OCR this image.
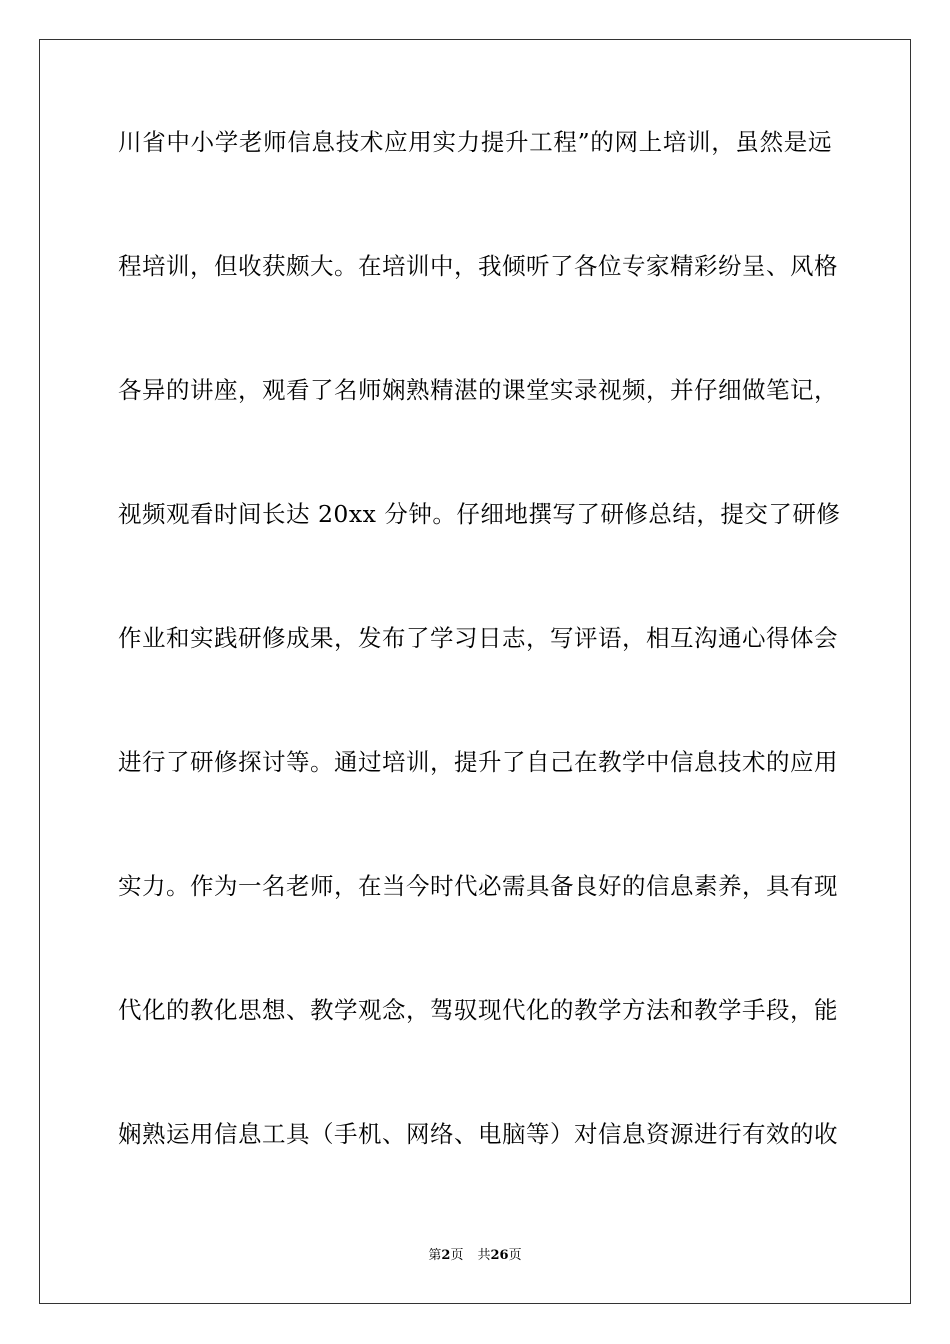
川省中小学老师信息技术应用实力提升工程”的网上培训，虽然是远
程培训，但收获颇大。在培训中，我倾听了各位专家精彩纷呈、风格
各异的讲座，观看了名师娴熟精湛的课堂实录视频，并仔细做笔记，
视频观看时间长达 20xx 分钟。仔细地撰写了研修总结，提交了研修
作业和实践研修成果，发布了学习日志，写评语，相互沟通心得体会
进行了研修探讨等。通过培训，提升了自己在教学中信息技术的应用
实力。作为一名老师，在当今时代必需具备良好的信息素养，具有现
代化的教化思想、教学观念，驾驭现代化的教学方法和教学手段，能
娴熟运用信息工具（手机、网络、电脑等）对信息资源进行有效的收
第2页 共26页
